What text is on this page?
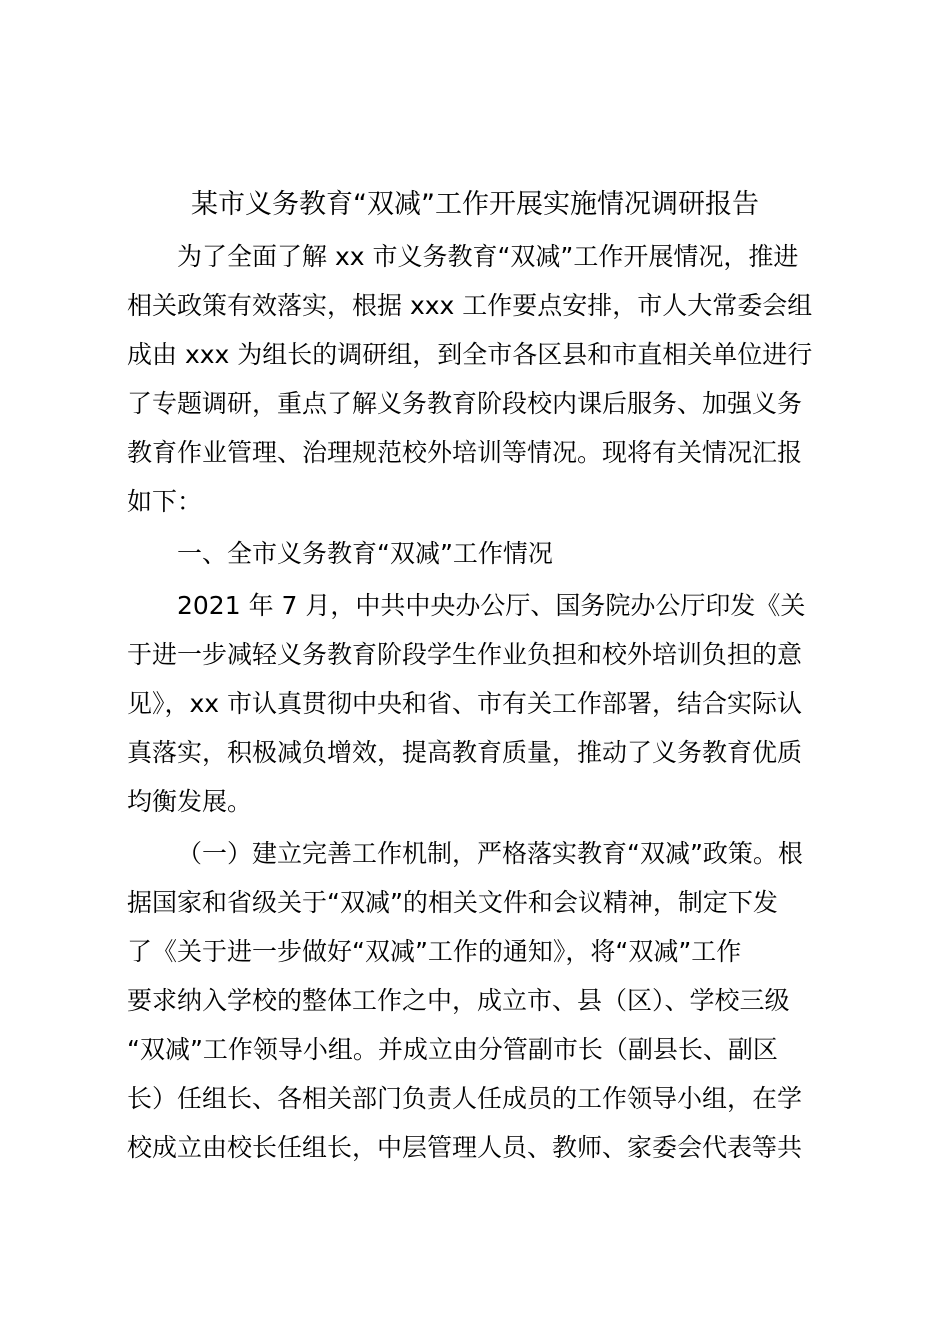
某市义务教育“双减”工作开展实施情况调研报告

为了全面了解 xx 市义务教育“双减”工作开展情况，推进

相关政策有效落实，根据 xxx 工作要点安排，市人大常委会组

成由 xxx 为组长的调研组，到全市各区县和市直相关单位进行

了专题调研，重点了解义务教育阶段校内课后服务、加强义务

教育作业管理、治理规范校外培训等情况。现将有关情况汇报

如下：

一、全市义务教育“双减”工作情况

2021 年 7 月，中共中央办公厅、国务院办公厅印发《关

于进一步减轻义务教育阶段学生作业负担和校外培训负担的意

见》，xx 市认真贯彻中央和省、市有关工作部署，结合实际认

真落实，积极减负增效，提高教育质量，推动了义务教育优质

均衡发展。

（一）建立完善工作机制，严格落实教育“双减”政策。根

据国家和省级关于“双减”的相关文件和会议精神，制定下发

了《关于进一步做好“双减”工作的通知》，将“双减”工作

要求纳入学校的整体工作之中，成立市、县（区）、学校三级

“双减”工作领导小组。并成立由分管副市长（副县长、副区

长）任组长、各相关部门负责人任成员的工作领导小组，在学

校成立由校长任组长，中层管理人员、教师、家委会代表等共
